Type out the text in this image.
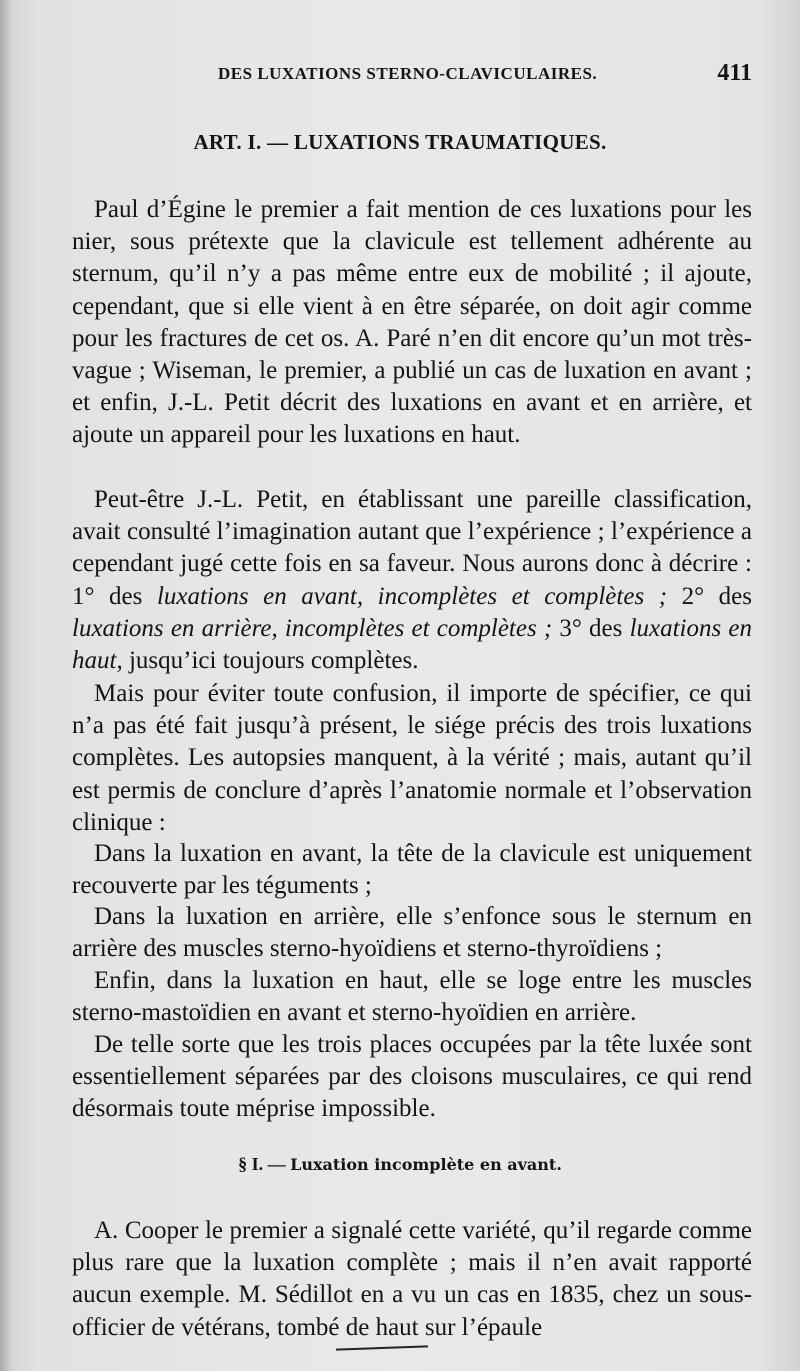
DES LUXATIONS STERNO-CLAVICULAIRES.	411
ART. I. — LUXATIONS TRAUMATIQUES.

Paul d’Égine le premier a fait mention de ces luxations pour les nier, sous prétexte que la clavicule est tellement adhérente au sternum, qu’il n’y a pas même entre eux de mobilité ; il ajoute, cependant, que si elle vient à en être séparée, on doit agir comme pour les fractures de cet os. A. Paré n’en dit encore qu’un mot très-vague ; Wiseman, le premier, a publié un cas de luxation en avant ; et enfin, J.-L. Petit décrit des luxations en avant et en arrière, et ajoute un appareil pour les luxations en haut.

Peut-être J.-L. Petit, en établissant une pareille classification, avait consulté l’imagination autant que l’expérience ; l’expérience a cependant jugé cette fois en sa faveur. Nous aurons donc à décrire : 1° des luxations en avant, incomplètes et complètes ; 2° des luxations en arrière, incomplètes et complètes ; 3° des luxations en haut, jusqu’ici toujours complètes.

Mais pour éviter toute confusion, il importe de spécifier, ce qui n’a pas été fait jusqu’à présent, le siége précis des trois luxations complètes. Les autopsies manquent, à la vérité ; mais, autant qu’il est permis de conclure d’après l’anatomie normale et l’observation clinique :

Dans la luxation en avant, la tête de la clavicule est uniquement recouverte par les téguments ;

Dans la luxation en arrière, elle s’enfonce sous le sternum en arrière des muscles sterno-hyoïdiens et sterno-thyroïdiens ;

Enfin, dans la luxation en haut, elle se loge entre les muscles sterno-mastoïdien en avant et sterno-hyoïdien en arrière.

De telle sorte que les trois places occupées par la tête luxée sont essentiellement séparées par des cloisons musculaires, ce qui rend désormais toute méprise impossible.

§ I. — Luxation incomplète en avant.

A. Cooper le premier a signalé cette variété, qu’il regarde comme plus rare que la luxation complète ; mais il n’en avait rapporté aucun exemple. M. Sédillot en a vu un cas en 1835, chez un sous-officier de vétérans, tombé de haut sur l’épaule
